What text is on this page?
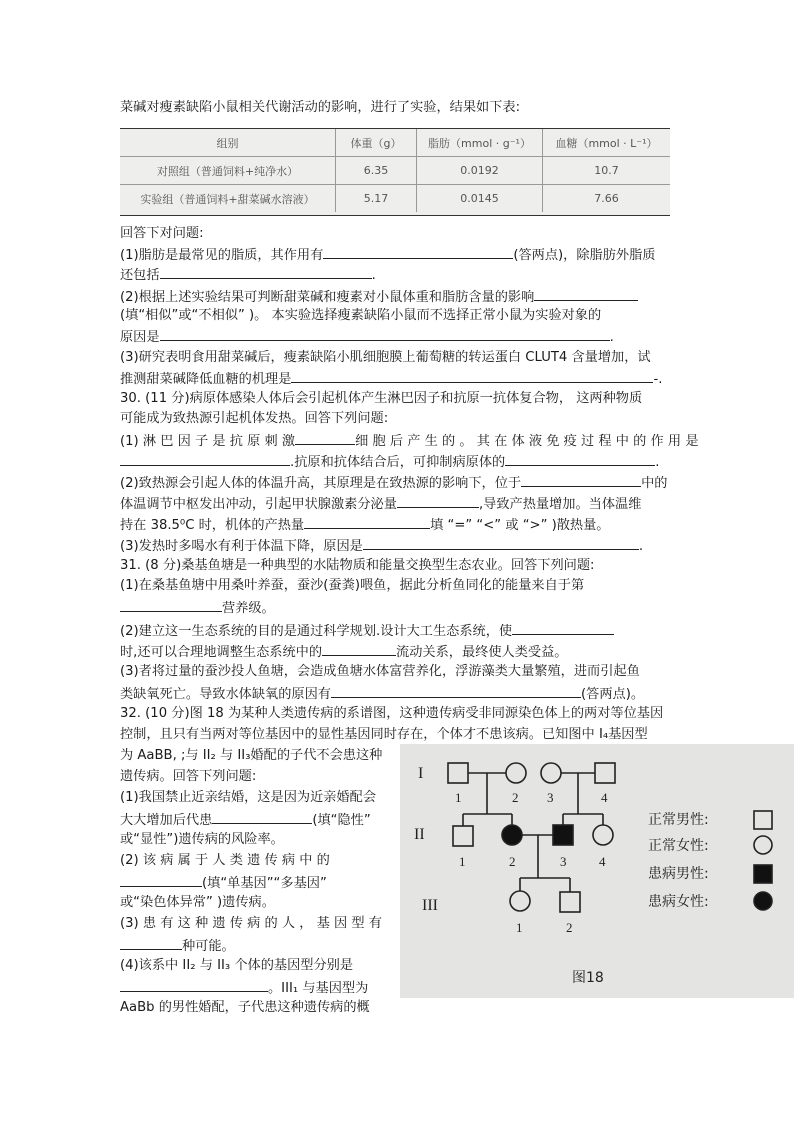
菜碱对瘦素缺陷小鼠相关代谢活动的影响，进行了实验，结果如下表:
组别	体重（g）	脂肪（mmol · g⁻¹）	血糖（mmol · L⁻¹）
对照组（普通饲料+纯净水）	6.35	0.0192	10.7
实验组（普通饲料+甜菜碱水溶液）	5.17	0.0145	7.66
回答下对问题:
(1)脂肪是最常见的脂质，其作用有	(答两点)，除脂肪外脂质
还包括	.
(2)根据上述实验结果可判断甜菜碱和瘦素对小鼠体重和脂肪含量的影响
(填“相似”或“不相似” )。 本实验选择瘦素缺陷小鼠而不选择正常小鼠为实验对象的
原因是	.
(3)研究表明食用甜菜碱后，瘦素缺陷小肌细胞膜上葡萄糖的转运蛋白 CLUT4 含量增加，试
推测甜菜碱降低血糖的机理是	-.
30. (11 分)病原体感染人体后会引起机体产生淋巴因子和抗原一抗体复合物， 这两种物质
可能成为致热源引起机体发热。回答下列问题:
(1) 淋 巴 因 子 是 抗 原 刺 激	细 胞 后 产 生 的 。 其 在 体 液 免 疫 过 程 中 的 作 用 是
.抗原和抗体结合后，可抑制病原体的	.
(2)致热源会引起人体的体温升高，其原理是在致热源的影响下，位于	中的
体温调节中枢发出冲动，引起甲状腺激素分泌量	,导致产热量增加。当体温维
持在 38.5⁰C 时，机体的产热量	填 “=” “<” 或 “>” )散热量。
(3)发热时多喝水有利于体温下降，原因是	.
31. (8 分)桑基鱼塘是一种典型的水陆物质和能量交换型生态农业。回答下列问题:
(1)在桑基鱼塘中用桑叶养蚕，蚕沙(蚕粪)喂鱼，据此分析鱼同化的能量来自于第
营养级。
(2)建立这一生态系统的目的是通过科学规划.设计大工生态系统，使
时,还可以合理地调整生态系统中的	流动关系，最终使人类受益。
(3)者将过量的蚕沙投人鱼塘，会造成鱼塘水体富营养化，浮游藻类大量繁殖，进而引起鱼
类缺氧死亡。导致水体缺氧的原因有	(答两点)。
32. (10 分)图 18 为某种人类遗传病的系谱图，这种遗传病受非同源染色体上的两对等位基因
控制，且只有当两对等位基因中的显性基因同时存在，个体才不患该病。已知图中 I₄基因型
为 AaBB, ;与 II₂ 与 II₃婚配的子代不会患这种
遗传病。回答下列问题:
(1)我国禁止近亲结婚，这是因为近亲婚配会
大大增加后代患	(填“隐性”
或“显性”)遗传病的风险率。
(2) 该 病 属 于 人 类 遗 传 病 中 的
(填“单基因”“多基因”
或“染色体异常” )遗传病。
(3) 患 有 这 种 遗 传 病 的 人 ， 基 因 型 有
种可能。
(4)该系中 II₂ 与 II₃ 个体的基因型分别是
。III₁ 与基因型为
AaBb 的男性婚配，子代患这种遗传病的概
I
II
III
1	2 3	4
1	2	3	4
1	2
正常男性:
正常女性:
患病男性:
患病女性:
图18
